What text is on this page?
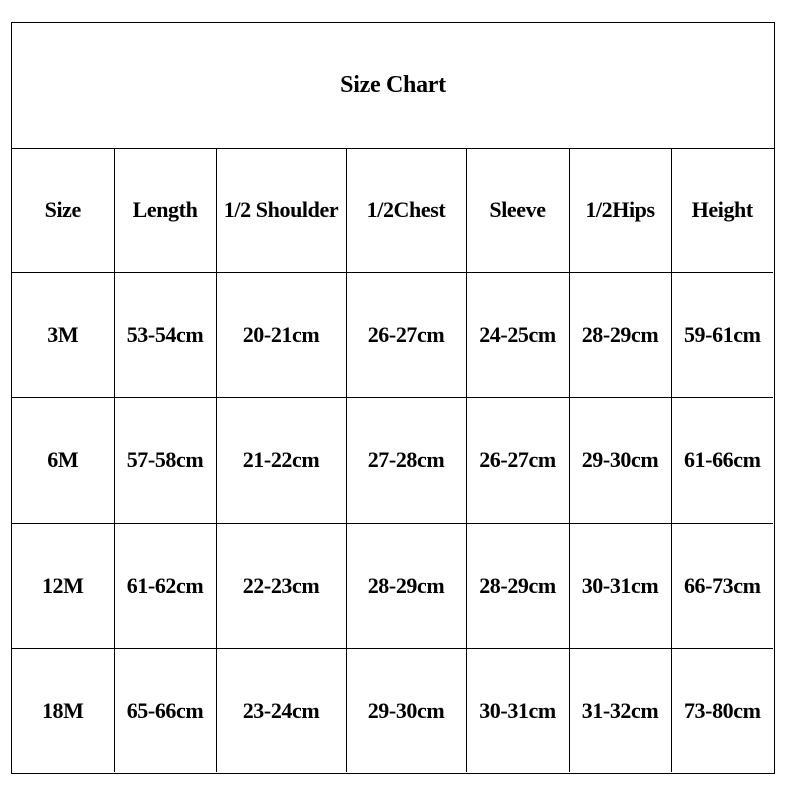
Size Chart
Size	Length	1/2 Shoulder	1/2Chest	Sleeve	1/2Hips	Height
3M	53-54cm	20-21cm	26-27cm	24-25cm	28-29cm	59-61cm
6M	57-58cm	21-22cm	27-28cm	26-27cm	29-30cm	61-66cm
12M	61-62cm	22-23cm	28-29cm	28-29cm	30-31cm	66-73cm
18M	65-66cm	23-24cm	29-30cm	30-31cm	31-32cm	73-80cm
